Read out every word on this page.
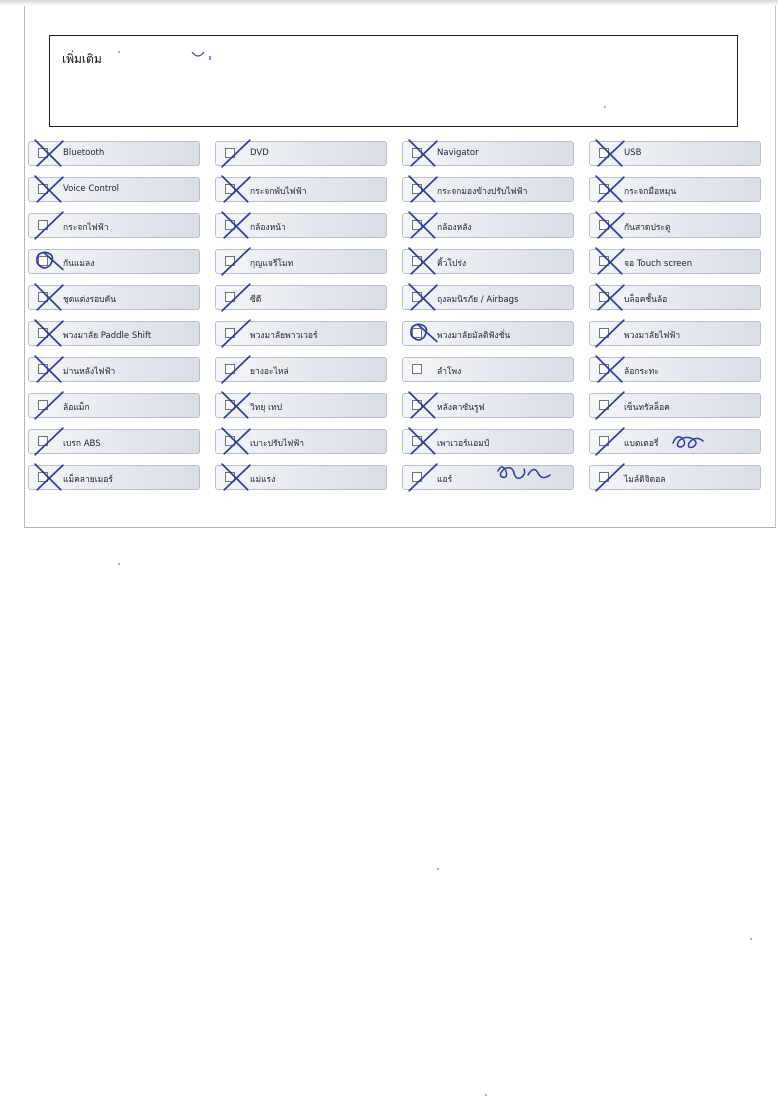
เพิ่มเติม
Bluetooth	DVD	Navigator	USB
Voice Control	กระจกพับไฟฟ้า	กระจกมองข้างปรับไฟฟ้า	กระจกมือหมุน
กระจกไฟฟ้า	กล้องหน้า	กล้องหลัง	กันสาดประตู
กันแมลง	กุญแจรีโมท	คิ้วโปร่ง	จอ Touch screen
ชุดแต่งรอบคัน	ซีดี	ถุงลมนิรภัย / Airbags	บล็อคชั้นล้อ
พวงมาลัย Paddle Shift	พวงมาลัยพาวเวอร์	พวงมาลัยมัลติฟังชั่น	พวงมาลัยไฟฟ้า
ม่านหลังไฟฟ้า	ยางอะไหล่	ลำโพง	ล้อกระทะ
ล้อแม็ก	วิทยุ เทป	หลังคาซันรูฟ	เซ็นทรัลล็อค
เบรก ABS	เบาะปรับไฟฟ้า	เพาเวอร์แอมป์	แบตเตอรี่
แม็คลายเมอร์	แม่แรง	แอร์	ไมล์ดิจิตอล
